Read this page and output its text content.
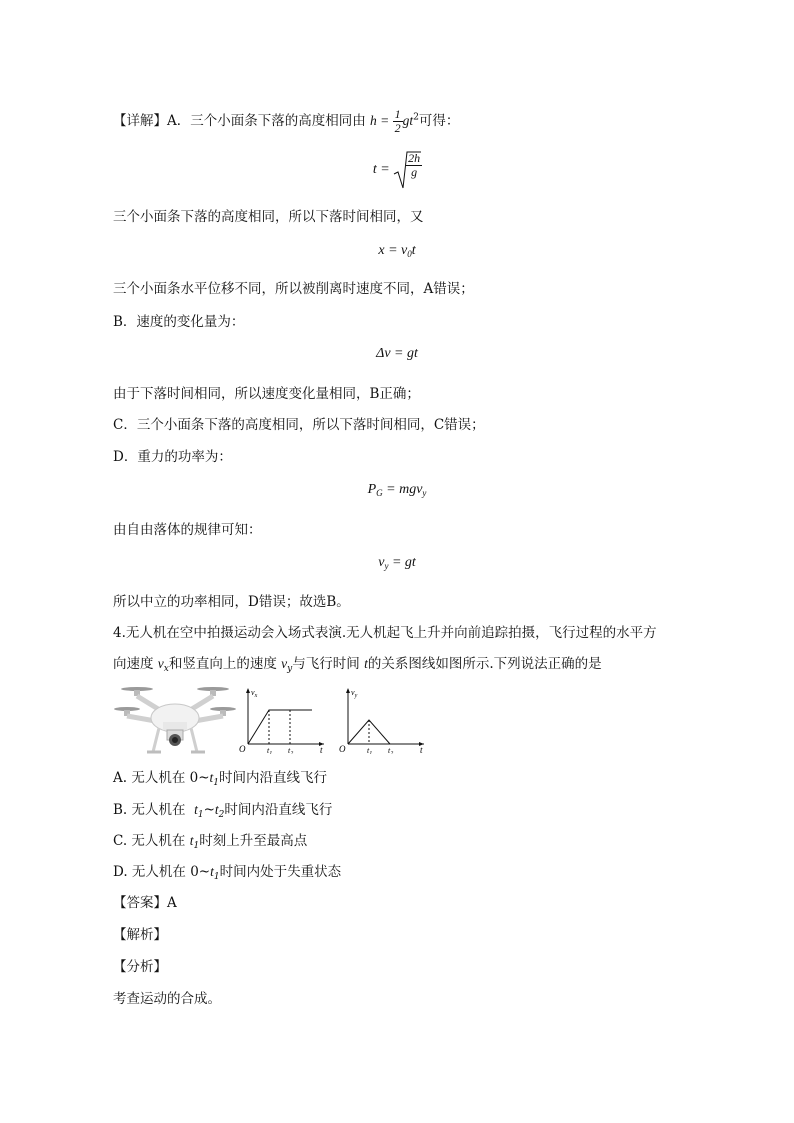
【详解】A．三个小面条下落的高度相同由 $h = \frac{1}{2} gt^2$可得：
$t = \frac{2h}{g}$
三个小面条下落的高度相同，所以下落时间相同，又
$x = v_0t$
三个小面条水平位移不同，所以被削离时速度不同，A错误；
B．速度的变化量为：
Δv = gt
由于下落时间相同，所以速度变化量相同，B正确；
C．三个小面条下落的高度相同，所以下落时间相同，C错误；
D．重力的功率为：
$P_G = mgv_y$
由自由落体的规律可知：
$v_y$ = gt
所以中立的功率相同，D错误；故选B。
4.无人机在空中拍摄运动会入场式表演.无人机起飞上升并向前追踪拍摄，飞行过程的水平方
向速度 $v_x$和竖直向上的速度 $v_y$与飞行时间 t的关系图线如图所示.下列说法正确的是
$v_x$
t
O	$t_1$ $t_2$
$v_y$
t
O	$t_1$ $t_2$
A. 无人机在 $0\sim t_1$时间内沿直线飞行
B. 无人机在  $t_1\sim t_2$时间内沿直线飞行
C. 无人机在 $t_1$时刻上升至最高点
D. 无人机在 $0\sim t_1$时间内处于失重状态
【答案】A
【解析】
【分析】
考查运动的合成。
